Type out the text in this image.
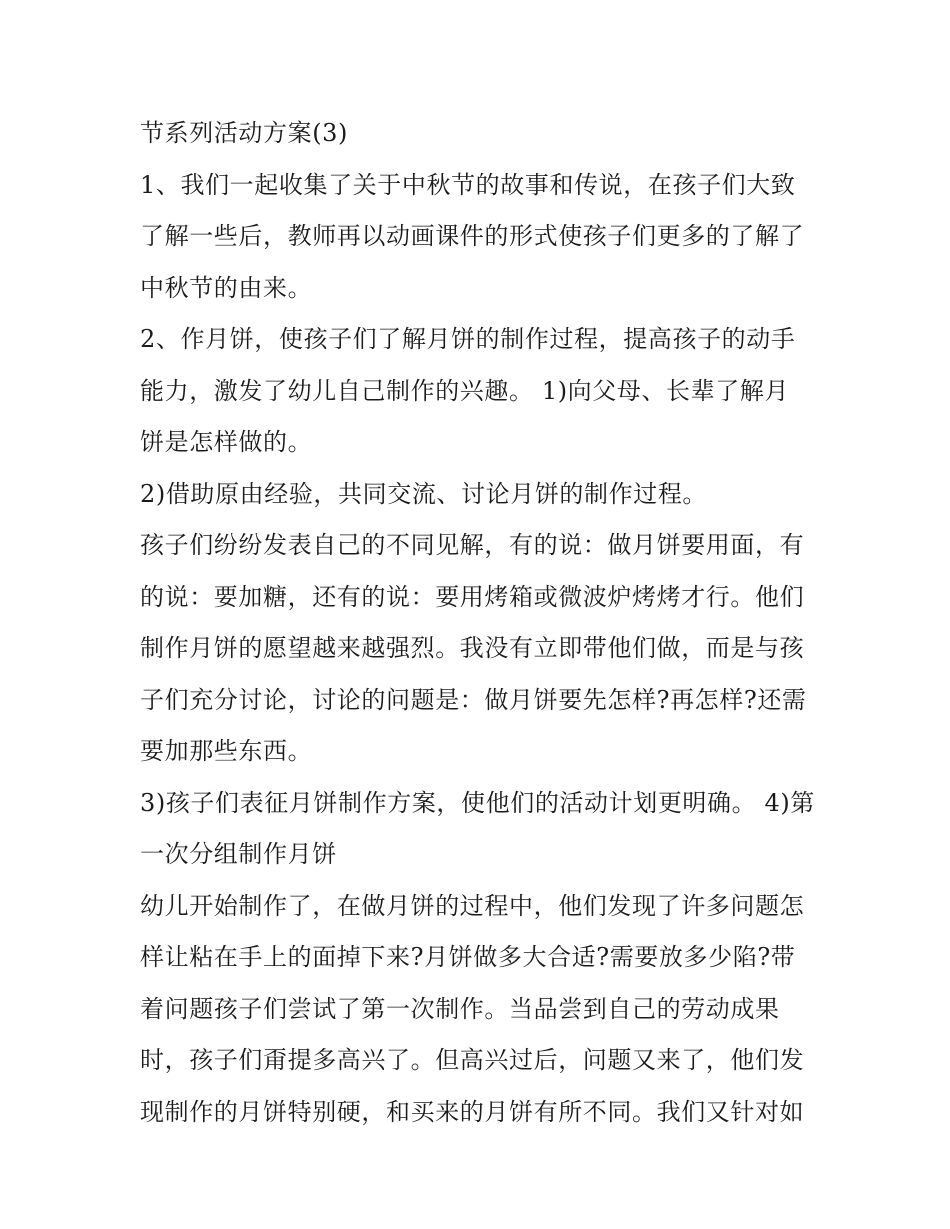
节系列活动方案(3)
1、我们一起收集了关于中秋节的故事和传说，在孩子们大致
了解一些后，教师再以动画课件的形式使孩子们更多的了解了
中秋节的由来。
2、作月饼，使孩子们了解月饼的制作过程，提高孩子的动手
能力，激发了幼儿自己制作的兴趣。 1)向父母、长辈了解月
饼是怎样做的。
2)借助原由经验，共同交流、讨论月饼的制作过程。
孩子们纷纷发表自己的不同见解，有的说：做月饼要用面，有
的说：要加糖，还有的说：要用烤箱或微波炉烤烤才行。他们
制作月饼的愿望越来越强烈。我没有立即带他们做，而是与孩
子们充分讨论，讨论的问题是：做月饼要先怎样?再怎样?还需
要加那些东西。
3)孩子们表征月饼制作方案，使他们的活动计划更明确。 4)第
一次分组制作月饼
幼儿开始制作了，在做月饼的过程中，他们发现了许多问题怎
样让粘在手上的面掉下来?月饼做多大合适?需要放多少陷?带
着问题孩子们尝试了第一次制作。当品尝到自己的劳动成果
时，孩子们甭提多高兴了。但高兴过后，问题又来了，他们发
现制作的月饼特别硬，和买来的月饼有所不同。我们又针对如
